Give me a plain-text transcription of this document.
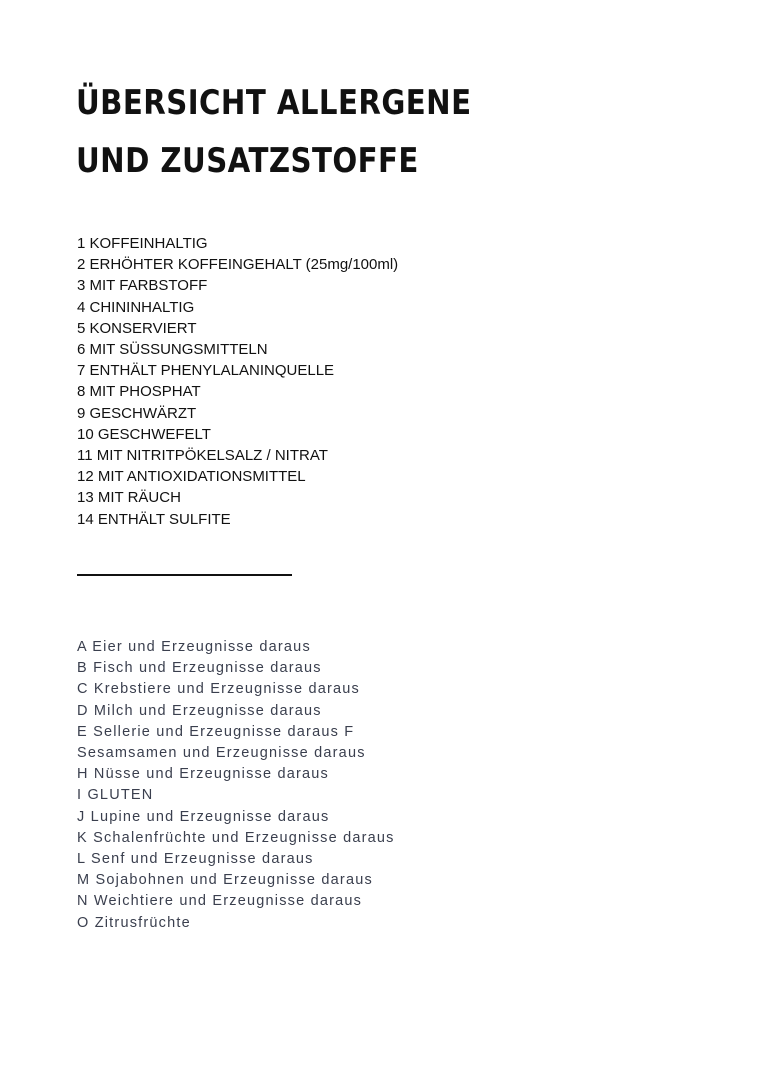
ÜBERSICHT ALLERGENE
UND ZUSATZSTOFFE
1 KOFFEINHALTIG
2 ERHÖHTER KOFFEINGEHALT (25mg/100ml)
3 MIT FARBSTOFF
4 CHININHALTIG
5 KONSERVIERT
6 MIT SÜSSUNGSMITTELN
7 ENTHÄLT PHENYLALANINQUELLE
8 MIT PHOSPHAT
9 GESCHWÄRZT
10 GESCHWEFELT
11 MIT NITRITPÖKELSALZ / NITRAT
12 MIT ANTIOXIDATIONSMITTEL
13 MIT RÄUCH
14 ENTHÄLT SULFITE
A Eier und Erzeugnisse daraus
B Fisch und Erzeugnisse daraus
C Krebstiere und Erzeugnisse daraus
D Milch und Erzeugnisse daraus
E Sellerie und Erzeugnisse daraus F
Sesamsamen und Erzeugnisse daraus
H Nüsse und Erzeugnisse daraus
I GLUTEN
J Lupine und Erzeugnisse daraus
K Schalenfrüchte und Erzeugnisse daraus
L Senf und Erzeugnisse daraus
M Sojabohnen und Erzeugnisse daraus
N Weichtiere und Erzeugnisse daraus
O Zitrusfrüchte
